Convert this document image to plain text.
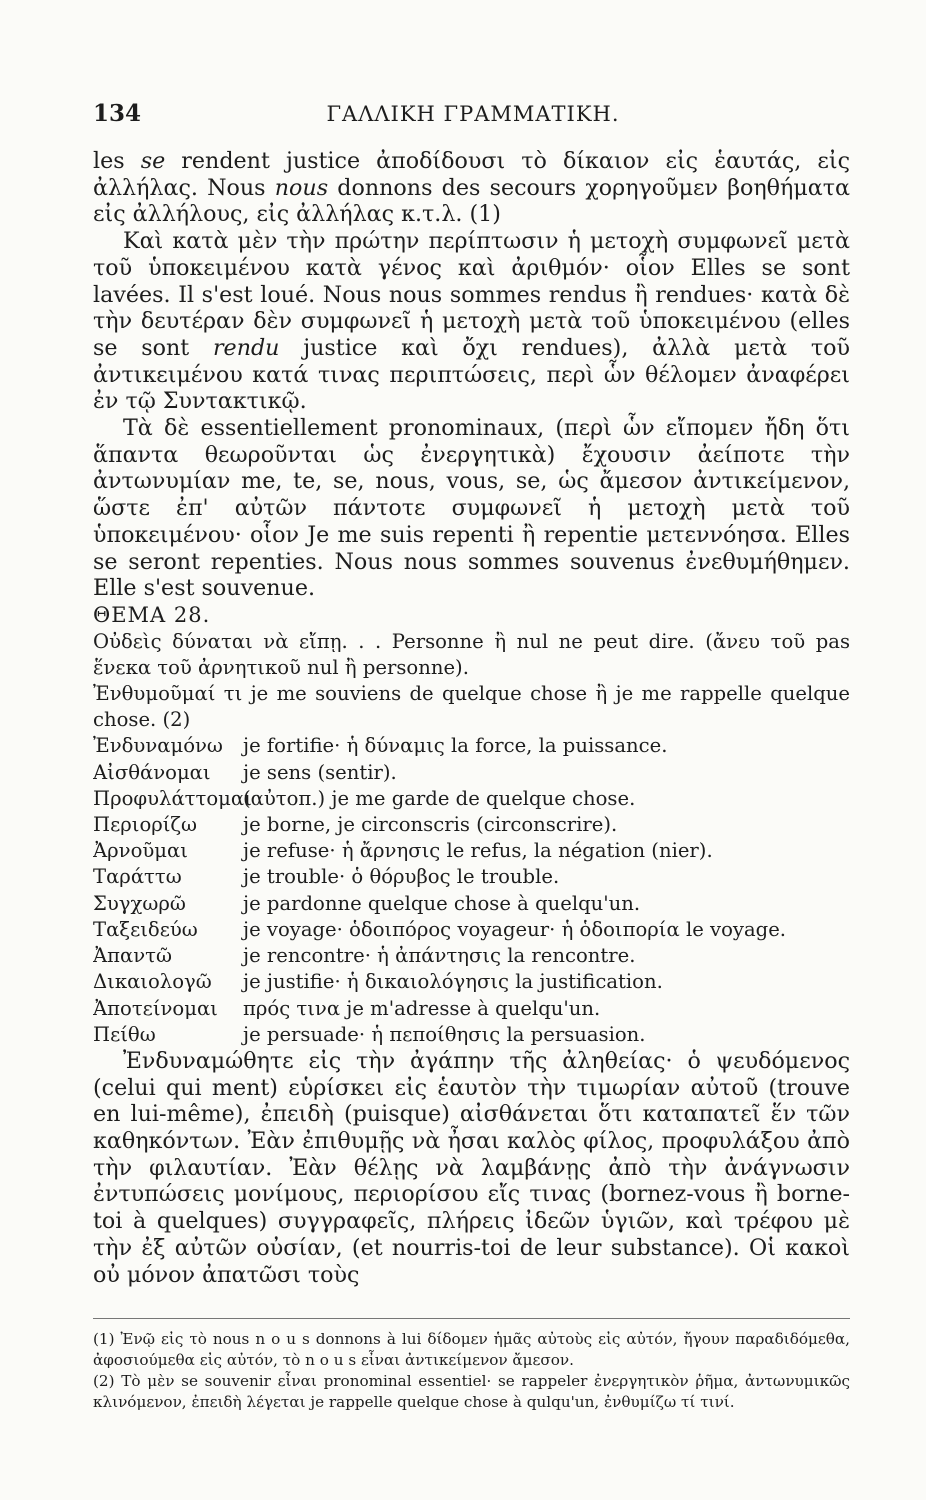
134	ΓΑΛΛΙΚΗ ΓΡΑΜΜΑΤΙΚΗ.

les se rendent justice ἀποδίδουσι τὸ δίκαιον εἰς ἑαυτάς, εἰς ἀλλήλας. Nous nous donnons des secours χορηγοῦμεν βοηθήματα εἰς ἀλλήλους, εἰς ἀλλήλας κ.τ.λ. (1)

Καὶ κατὰ μὲν τὴν πρώτην περίπτωσιν ἡ μετοχὴ συμφωνεῖ μετὰ τοῦ ὑποκειμένου κατὰ γένος καὶ ἀριθμόν· οἷον Elles se sont lavées. Il s'est loué. Nous nous sommes rendus ἢ rendues· κατὰ δὲ τὴν δευτέραν δὲν συμφωνεῖ ἡ μετοχὴ μετὰ τοῦ ὑποκειμένου (elles se sont rendu justice καὶ ὄχι rendues), ἀλλὰ μετὰ τοῦ ἀντικειμένου κατά τινας περιπτώσεις, περὶ ὧν θέλομεν ἀναφέρει ἐν τῷ Συντακτικῷ.

Τὰ δὲ essentiellement pronominaux, (περὶ ὧν εἴπομεν ἤδη ὅτι ἅπαντα θεωροῦνται ὡς ἐνεργητικὰ) ἔχουσιν ἀείποτε τὴν ἀντωνυμίαν me, te, se, nous, vous, se, ὡς ἄμεσον ἀντικείμενον, ὥστε ἐπ' αὐτῶν πάντοτε συμφωνεῖ ἡ μετοχὴ μετὰ τοῦ ὑποκειμένου· οἷον Je me suis repenti ἢ repentie μετεννόησα. Elles se seront repenties. Nous nous sommes souvenus ἐνεθυμήθημεν. Elle s'est souvenue.

ΘΕΜΑ 28.

Οὐδεὶς δύναται νὰ εἴπῃ. . . Personne ἢ nul ne peut dire. (ἄνευ τοῦ pas ἕνεκα τοῦ ἀρνητικοῦ nul ἢ personne).

Ἐνθυμοῦμαί τι je me souviens de quelque chose ἢ je me rappelle quelque chose. (2)

Ἐνδυναμόνω je fortifie· ἡ δύναμις la force, la puissance.
Αἰσθάνομαι je sens (sentir).
Προφυλάττομαι(αὐτοπ.) je me garde de quelque chose.
Περιορίζω je borne, je circonscris (circonscrire).
Ἀρνοῦμαι	je refuse· ἡ ἄρνησις le refus, la négation (nier).
Ταράττω	je trouble· ὁ θόρυβος le trouble.
Συγχωρῶ	je pardonne quelque chose à quelqu'un.
Ταξειδεύω je voyage· ὁδοιπόρος voyageur· ἡ ὁδοιπορία le voyage.
Ἀπαντῶ	je rencontre· ἡ ἀπάντησις la rencontre.
Δικαιολογῶ je justifie· ἡ δικαιολόγησις la justification.
Ἀποτείνομαι πρός τινα je m'adresse à quelqu'un.
Πείθω	je persuade· ἡ πεποίθησις la persuasion.

Ἐνδυναμώθητε εἰς τὴν ἀγάπην τῆς ἀληθείας· ὁ ψευδόμενος (celui qui ment) εὑρίσκει εἰς ἑαυτὸν τὴν τιμωρίαν αὐτοῦ (trouve en lui-même), ἐπειδὴ (puisque) αἰσθάνεται ὅτι καταπατεῖ ἕν τῶν καθηκόντων. Ἐὰν ἐπιθυμῇς νὰ ἦσαι καλὸς φίλος, προφυλάξου ἀπὸ τὴν φιλαυτίαν. Ἐὰν θέλῃς νὰ λαμβάνῃς ἀπὸ τὴν ἀνάγνωσιν ἐντυπώσεις μονίμους, περιορίσου εἴς τινας (bornez-vous ἢ borne-toi à quelques) συγγραφεῖς, πλήρεις ἰδεῶν ὑγιῶν, καὶ τρέφου μὲ τὴν ἐξ αὐτῶν οὐσίαν, (et nourris-toi de leur substance). Οἱ κακοὶ οὐ μόνον ἀπατῶσι τοὺς

(1) Ἐνῷ εἰς τὸ nous n o u s donnons à lui δίδομεν ἡμᾶς αὐτοὺς εἰς αὐτόν, ἤγουν παραδιδόμεθα, ἀφοσιούμεθα εἰς αὐτόν, τὸ n o u s εἶναι ἀντικείμενον ἄμεσον.

(2) Τὸ μὲν se souvenir εἶναι pronominal essentiel· se rappeler ἐνεργητικὸν ῥῆμα, ἀντωνυμικῶς κλινόμενον, ἐπειδὴ λέγεται je rappelle quelque chose à qulqu'un, ἐνθυμίζω τί τινί.
